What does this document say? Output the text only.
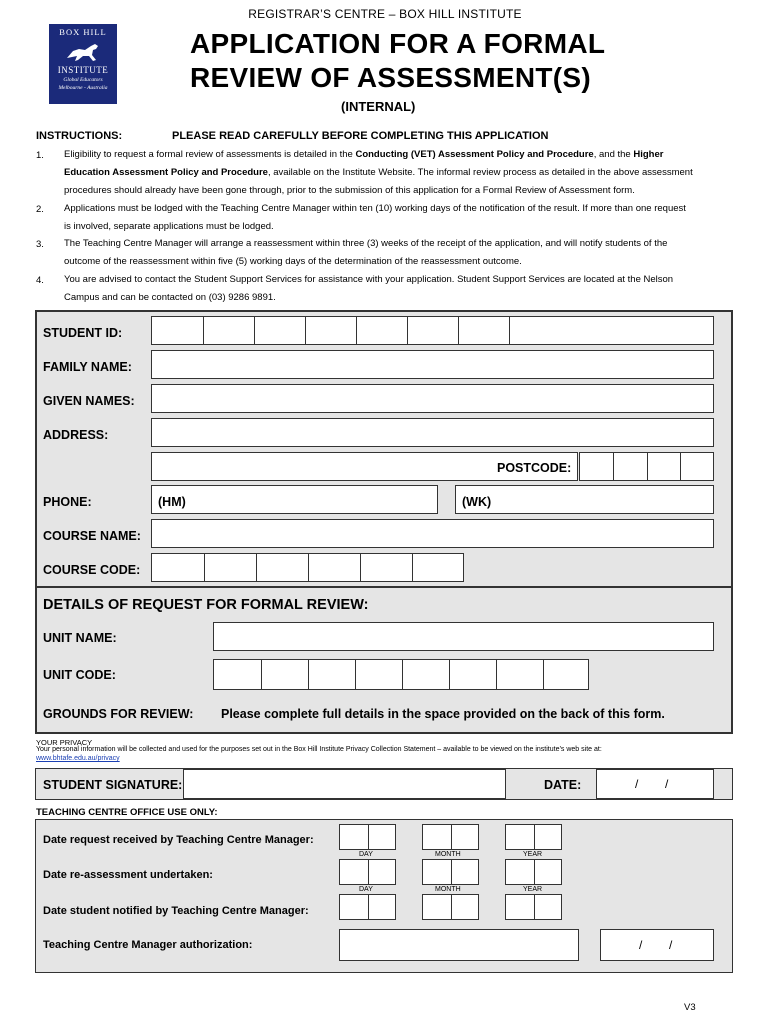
REGISTRAR’S CENTRE – BOX HILL INSTITUTE
BOX HILL
INSTITUTE
Global Educators
Melbourne - Australia
APPLICATION FOR A FORMAL
REVIEW OF ASSESSMENT(S)
(INTERNAL)
INSTRUCTIONS:	PLEASE READ CAREFULLY BEFORE COMPLETING THIS APPLICATION
1. Eligibility to request a formal review of assessments is detailed in the Conducting (VET) Assessment Policy and Procedure, and the Higher
Education Assessment Policy and Procedure, available on the Institute Website. The informal review process as detailed in the above assessment
procedures should already have been gone through, prior to the submission of this application for a Formal Review of Assessment form.
2. Applications must be lodged with the Teaching Centre Manager within ten (10) working days of the notification of the result. If more than one request
is involved, separate applications must be lodged.
3. The Teaching Centre Manager will arrange a reassessment within three (3) weeks of the receipt of the application, and will notify students of the
outcome of the reassessment within five (5) working days of the determination of the reassessment outcome.
4. You are advised to contact the Student Support Services for assistance with your application. Student Support Services are located at the Nelson
Campus and can be contacted on (03) 9286 9891.
STUDENT ID:
FAMILY NAME:
GIVEN NAMES:
ADDRESS:
POSTCODE:
PHONE:	(HM)	(WK)
COURSE NAME:
COURSE CODE:
DETAILS OF REQUEST FOR FORMAL REVIEW:
UNIT NAME:
UNIT CODE:
GROUNDS FOR REVIEW: Please complete full details in the space provided on the back of this form.
YOUR PRIVACY
Your personal information will be collected and used for the purposes set out in the Box Hill Institute Privacy Collection Statement – available to be viewed on the institute’s web site at:
www.bhtafe.edu.au/privacy
STUDENT SIGNATURE:	DATE:	/        /
TEACHING CENTRE OFFICE USE ONLY:
Date request received by Teaching Centre Manager:
DAY	MONTH	YEAR
Date re-assessment undertaken:
DAY	MONTH	YEAR
Date student notified by Teaching Centre Manager:
Teaching Centre Manager authorization:	/        /
V3
